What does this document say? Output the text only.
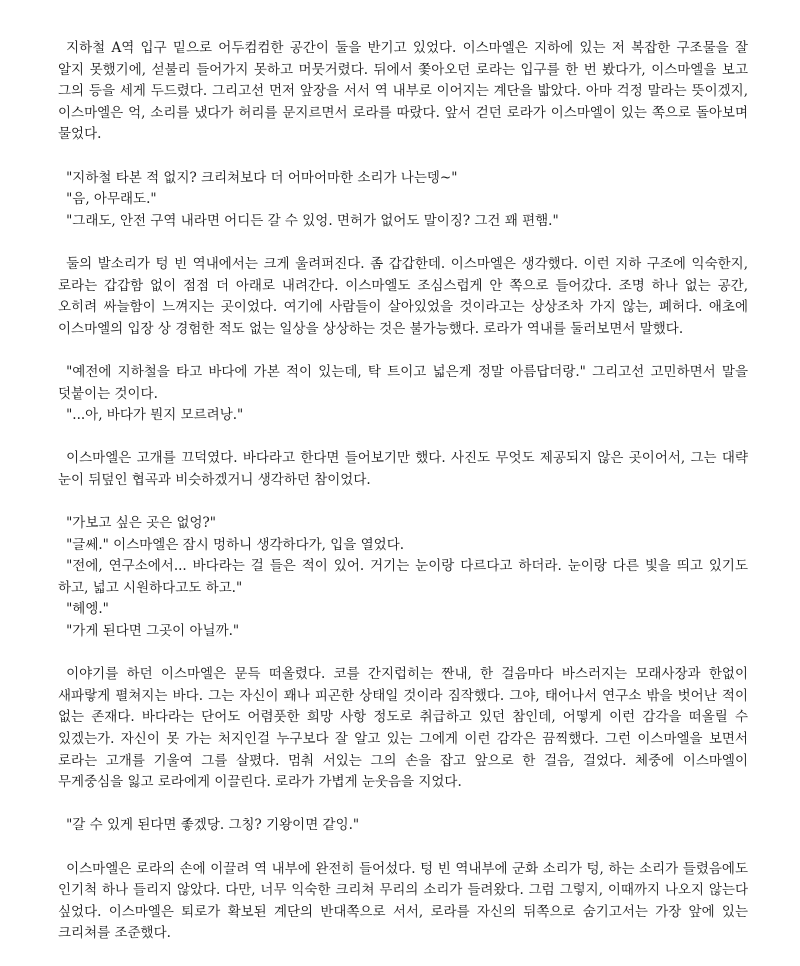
지하철 A역 입구 밑으로 어두컴컴한 공간이 둘을 반기고 있었다. 이스마엘은 지하에 있는 저 복잡한 구조물을 잘 알지 못했기에, 섣불리 들어가지 못하고 머뭇거렸다. 뒤에서 쫓아오던 로라는 입구를 한 번 봤다가, 이스마엘을 보고 그의 등을 세게 두드렸다. 그리고선 먼저 앞장을 서서 역 내부로 이어지는 계단을 밟았다. 아마 걱정 말라는 뜻이겠지, 이스마엘은 억, 소리를 냈다가 허리를 문지르면서 로라를 따랐다. 앞서 걷던 로라가 이스마엘이 있는 쪽으로 돌아보며 물었다.

"지하철 타본 적 없지? 크리쳐보다 더 어마어마한 소리가 나는뎅~"
"음, 아무래도."
"그래도, 안전 구역 내라면 어디든 갈 수 있엉. 면허가 없어도 말이징? 그건 꽤 편햄."

둘의 발소리가 텅 빈 역내에서는 크게 울려퍼진다. 좀 갑갑한데. 이스마엘은 생각했다. 이런 지하 구조에 익숙한지, 로라는 갑갑함 없이 점점 더 아래로 내려간다. 이스마엘도 조심스럽게 안 쪽으로 들어갔다. 조명 하나 없는 공간, 오히려 싸늘함이 느껴지는 곳이었다. 여기에 사람들이 살아있었을 것이라고는 상상조차 가지 않는, 폐허다. 애초에 이스마엘의 입장 상 경험한 적도 없는 일상을 상상하는 것은 불가능했다. 로라가 역내를 둘러보면서 말했다.

"예전에 지하철을 타고 바다에 가본 적이 있는데, 탁 트이고 넓은게 정말 아름답더랑." 그리고선 고민하면서 말을 덧붙이는 것이다.
"...아, 바다가 뭔지 모르려낭."

이스마엘은 고개를 끄덕였다. 바다라고 한다면 들어보기만 했다. 사진도 무엇도 제공되지 않은 곳이어서, 그는 대략 눈이 뒤덮인 협곡과 비슷하겠거니 생각하던 참이었다.

"가보고 싶은 곳은 없엉?"
"글쎄." 이스마엘은 잠시 멍하니 생각하다가, 입을 열었다.
"전에, 연구소에서... 바다라는 걸 들은 적이 있어. 거기는 눈이랑 다르다고 하더라. 눈이랑 다른 빛을 띄고 있기도 하고, 넓고 시원하다고도 하고."
"헤엥."
"가게 된다면 그곳이 아닐까."

이야기를 하던 이스마엘은 문득 떠올렸다. 코를 간지럽히는 짠내, 한 걸음마다 바스러지는 모래사장과 한없이 새파랗게 펼쳐지는 바다. 그는 자신이 꽤나 피곤한 상태일 것이라 짐작했다. 그야, 태어나서 연구소 밖을 벗어난 적이 없는 존재다. 바다라는 단어도 어렴풋한 희망 사항 정도로 취급하고 있던 참인데, 어떻게 이런 감각을 떠올릴 수 있겠는가. 자신이 못 가는 처지인걸 누구보다 잘 알고 있는 그에게 이런 감각은 끔찍했다. 그런 이스마엘을 보면서 로라는 고개를 기울여 그를 살폈다. 멈춰 서있는 그의 손을 잡고 앞으로 한 걸음, 걸었다. 체중에 이스마엘이 무게중심을 잃고 로라에게 이끌린다. 로라가 가볍게 눈웃음을 지었다.

"갈 수 있게 된다면 좋겠당. 그칭? 기왕이면 같잉."

이스마엘은 로라의 손에 이끌려 역 내부에 완전히 들어섰다. 텅 빈 역내부에 군화 소리가 텅, 하는 소리가 들렸음에도 인기척 하나 들리지 않았다. 다만, 너무 익숙한 크리쳐 무리의 소리가 들려왔다. 그럼 그렇지, 이때까지 나오지 않는다 싶었다. 이스마엘은 퇴로가 확보된 계단의 반대쪽으로 서서, 로라를 자신의 뒤쪽으로 숨기고서는 가장 앞에 있는 크리쳐를 조준했다.
